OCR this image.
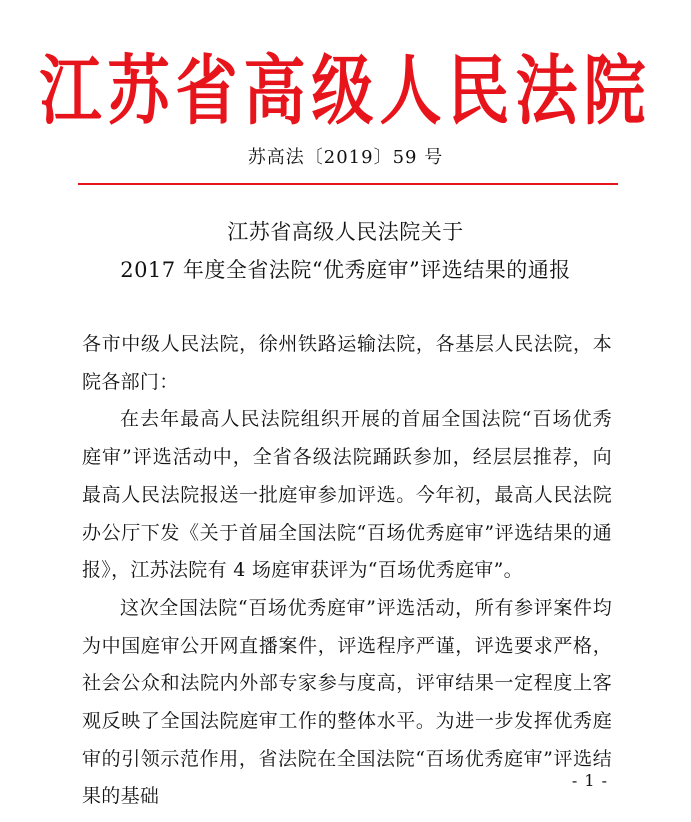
江苏省高级人民法院
苏高法〔2019〕59 号
江苏省高级人民法院关于
2017 年度全省法院“优秀庭审”评选结果的通报

各市中级人民法院，徐州铁路运输法院，各基层人民法院，本院各部门：

在去年最高人民法院组织开展的首届全国法院“百场优秀庭审”评选活动中，全省各级法院踊跃参加，经层层推荐，向最高人民法院报送一批庭审参加评选。今年初，最高人民法院办公厅下发《关于首届全国法院“百场优秀庭审”评选结果的通报》，江苏法院有 4 场庭审获评为“百场优秀庭审”。

这次全国法院“百场优秀庭审”评选活动，所有参评案件均为中国庭审公开网直播案件，评选程序严谨，评选要求严格，社会公众和法院内外部专家参与度高，评审结果一定程度上客观反映了全国法院庭审工作的整体水平。为进一步发挥优秀庭审的引领示范作用，省法院在全国法院“百场优秀庭审”评选结果的基础

- 1 -
